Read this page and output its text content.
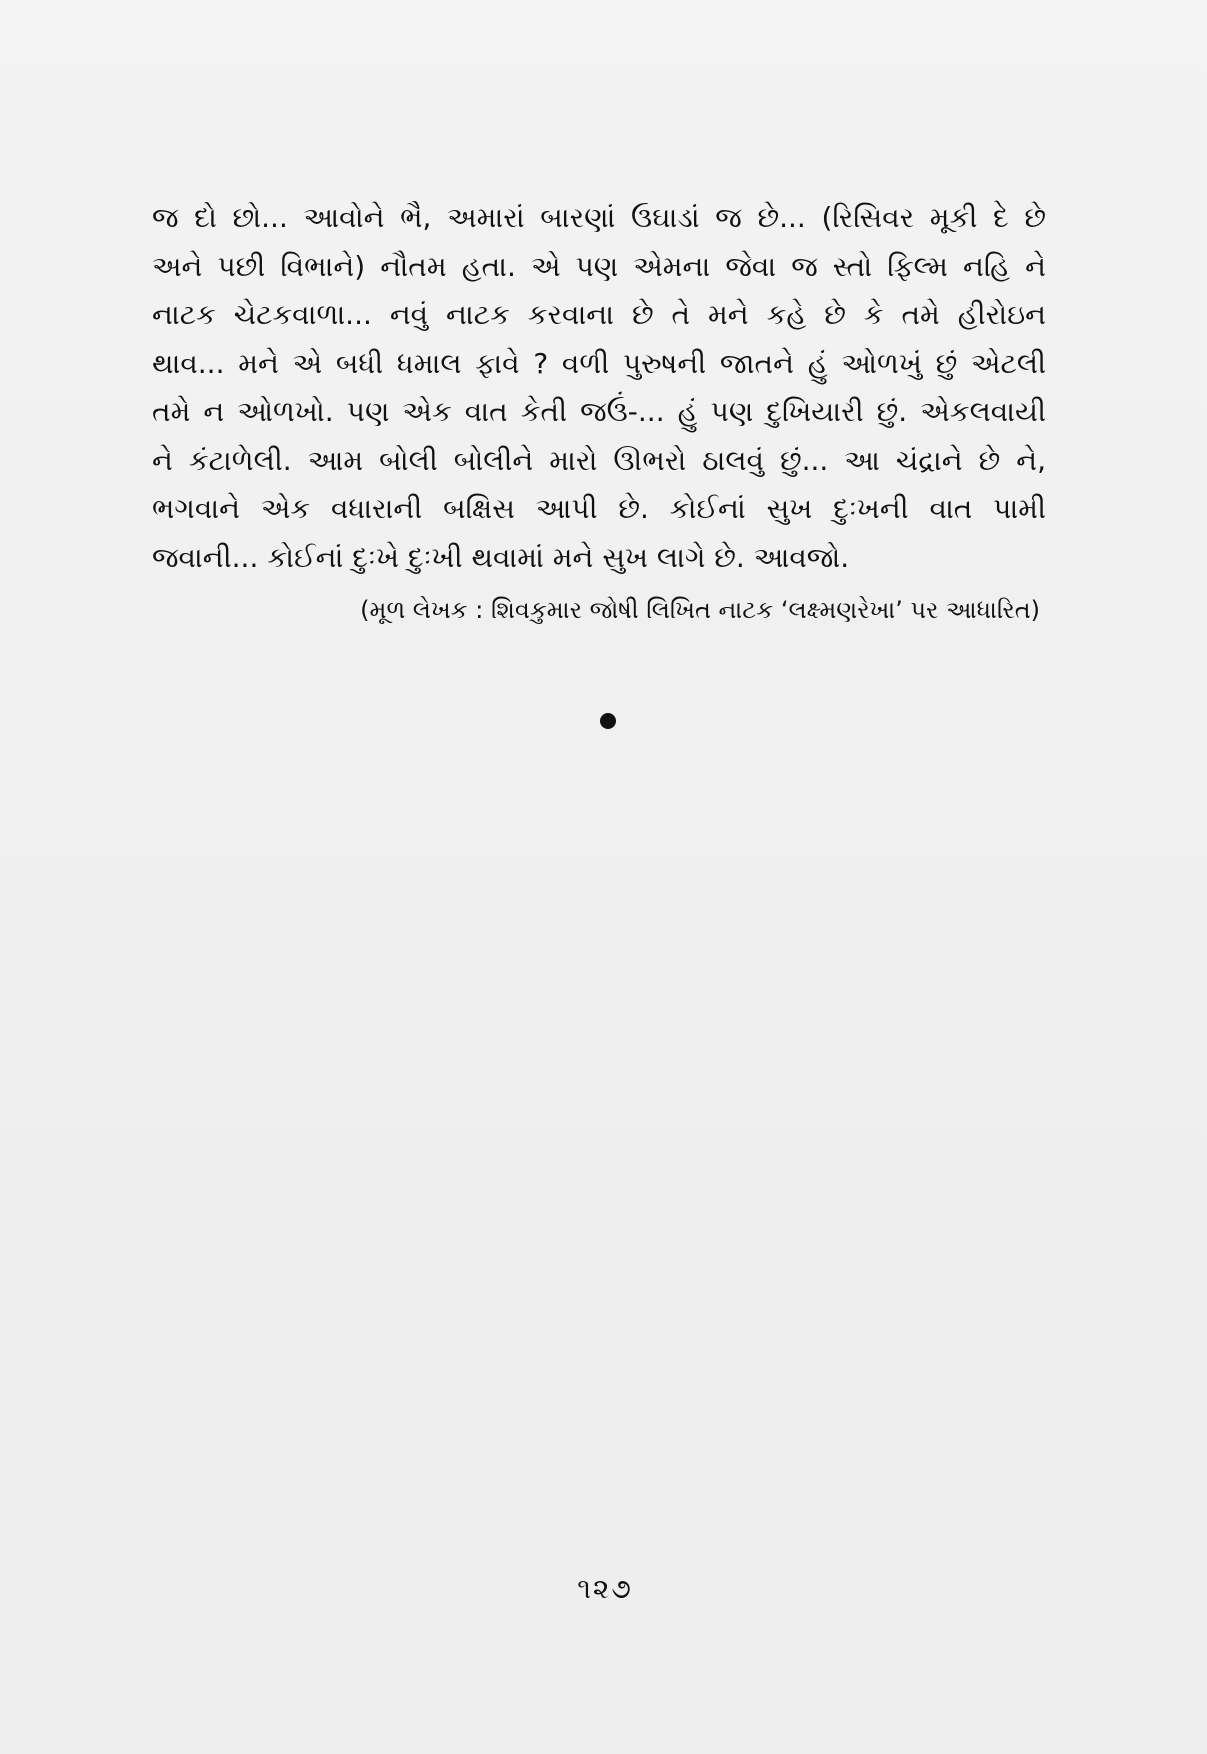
જ દો છો... આવોને ભૈ, અમારાં બારણાં ઉઘાડાં જ છે... (રિસિવર મૂકી દે છે
અને પછી વિભાને) નૌતમ હતા. એ પણ એમના જેવા જ સ્તો ફિલ્મ નહિ ને
નાટક ચેટકવાળા... નવું નાટક કરવાના છે તે મને કહે છે કે તમે હીરોઇન
થાવ... મને એ બધી ધમાલ ફાવે ? વળી પુરુષની જાતને હું ઓળખું છું એટલી
તમે ન ઓળખો. પણ એક વાત કેતી જઉં-... હું પણ દુખિયારી છું. એકલવાયી
ને કંટાળેલી. આમ બોલી બોલીને મારો ઊભરો ઠાલવું છું... આ ચંદ્રાને છે ને,
ભગવાને એક વધારાની બક્ષિસ આપી છે. કોઈનાં સુખ દુઃખની વાત પામી
જવાની... કોઈનાં દુઃખે દુઃખી થવામાં મને સુખ લાગે છે. આવજો.
(મૂળ લેખક : શિવકુમાર જોષી લિખિત નાટક ‘લક્ષ્મણરેખા’ પર આધારિત)
૧૨૭
